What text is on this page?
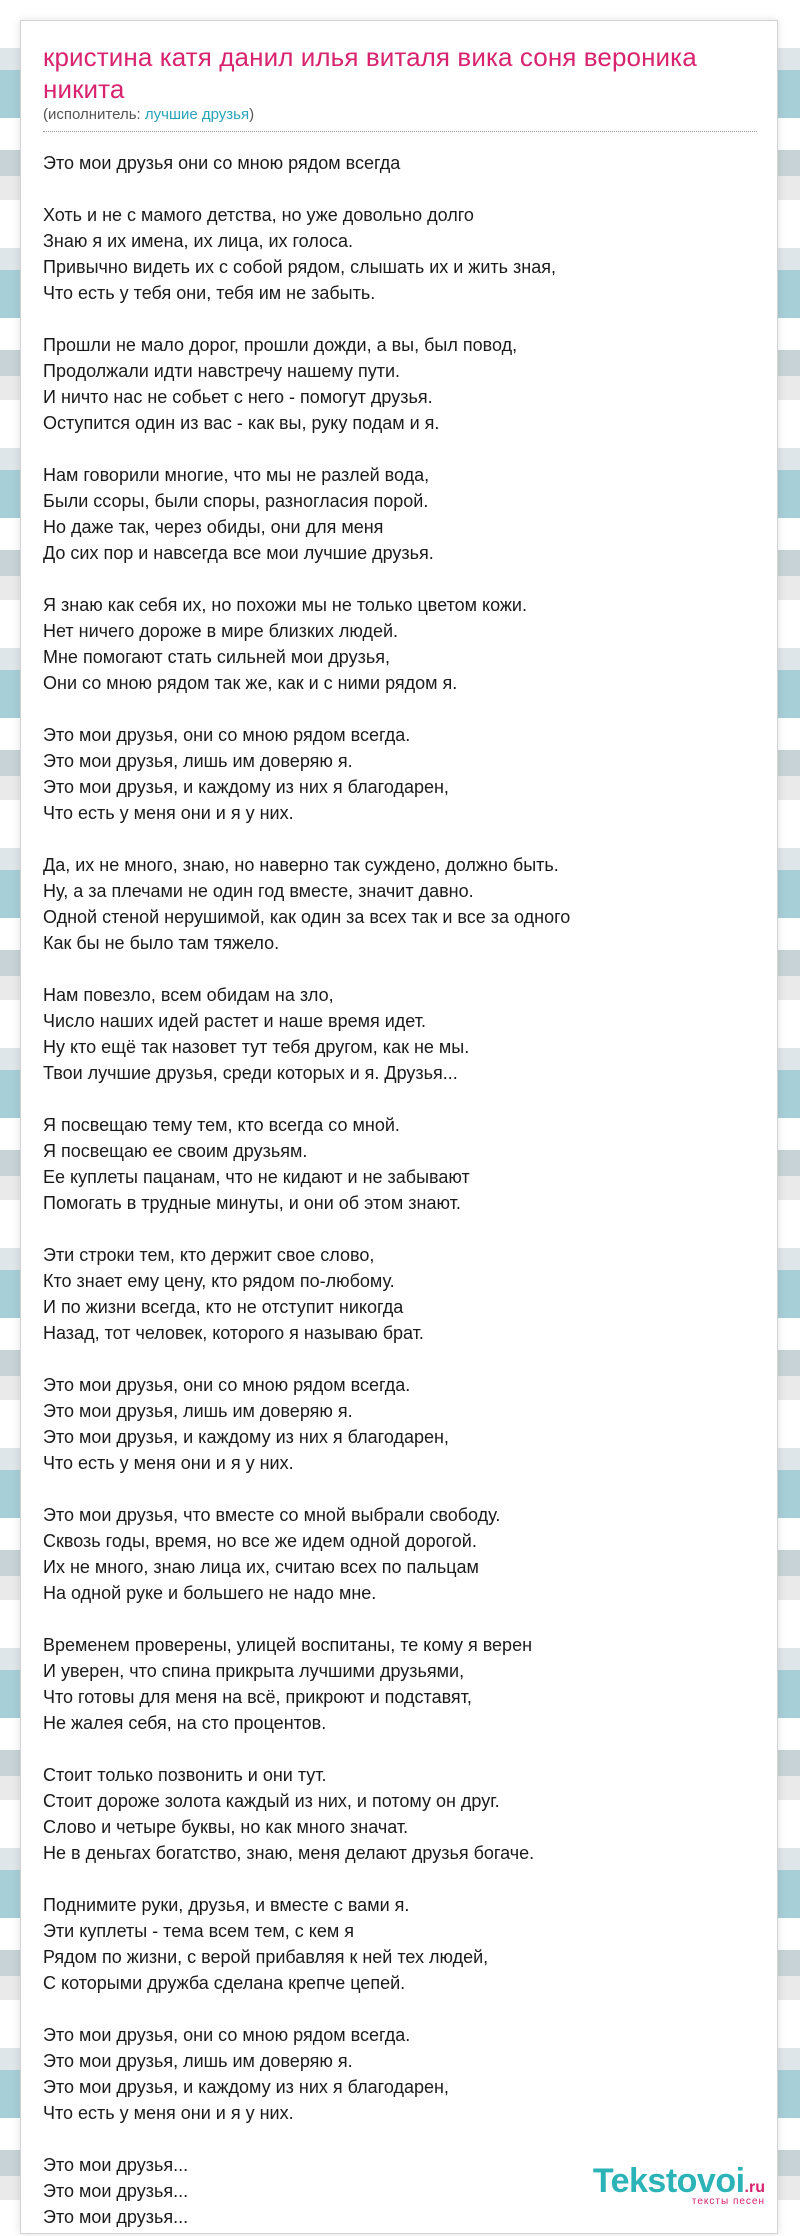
кристина катя данил илья виталя вика соня вероника никита
(исполнитель: лучшие друзья)
Это мои друзья они со мною рядом всегда
Хоть и не с мамого детства, но уже довольно долго
Знаю я их имена, их лица, их голоса.
Привычно видеть их с собой рядом, слышать их и жить зная,
Что есть у тебя они, тебя им не забыть.
Прошли не мало дорог, прошли дожди, а вы, был повод,
Продолжали идти навстречу нашему пути.
И ничто нас не собьет с него - помогут друзья.
Оступится один из вас - как вы, руку подам и я.
Нам говорили многие, что мы не разлей вода,
Были ссоры, были споры, разногласия порой.
Но даже так, через обиды, они для меня
До сих пор и навсегда все мои лучшие друзья.
Я знаю как себя их, но похожи мы не только цветом кожи.
Нет ничего дороже в мире близких людей.
Мне помогают стать сильней мои друзья,
Они со мною рядом так же, как и с ними рядом я.
Это мои друзья, они со мною рядом всегда.
Это мои друзья, лишь им доверяю я.
Это мои друзья, и каждому из них я благодарен,
Что есть у меня они и я у них.
Да, их не много, знаю, но наверно так суждено, должно быть.
Ну, а за плечами не один год вместе, значит давно.
Одной стеной нерушимой, как один за всех так и все за одного
Как бы не было там тяжело.
Нам повезло, всем обидам на зло,
Число наших идей растет и наше время идет.
Ну кто ещё так назовет тут тебя другом, как не мы.
Твои лучшие друзья, среди которых и я. Друзья...
Я посвещаю тему тем, кто всегда со мной.
Я посвещаю ее своим друзьям.
Ее куплеты пацанам, что не кидают и не забывают
Помогать в трудные минуты, и они об этом знают.
Эти строки тем, кто держит свое слово,
Кто знает ему цену, кто рядом по-любому.
И по жизни всегда, кто не отступит никогда
Назад, тот человек, которого я называю брат.
Это мои друзья, они со мною рядом всегда.
Это мои друзья, лишь им доверяю я.
Это мои друзья, и каждому из них я благодарен,
Что есть у меня они и я у них.
Это мои друзья, что вместе со мной выбрали свободу.
Сквозь годы, время, но все же идем одной дорогой.
Их не много, знаю лица их, считаю всех по пальцам
На одной руке и большего не надо мне.
Временем проверены, улицей воспитаны, те кому я верен
И уверен, что спина прикрыта лучшими друзьями,
Что готовы для меня на всё, прикроют и подставят,
Не жалея себя, на сто процентов.
Стоит только позвонить и они тут.
Стоит дороже золота каждый из них, и потому он друг.
Слово и четыре буквы, но как много значат.
Не в деньгах богатство, знаю, меня делают друзья богаче.
Поднимите руки, друзья, и вместе с вами я.
Эти куплеты - тема всем тем, с кем я
Рядом по жизни, с верой прибавляя к ней тех людей,
С которыми дружба сделана крепче цепей.
Это мои друзья, они со мною рядом всегда.
Это мои друзья, лишь им доверяю я.
Это мои друзья, и каждому из них я благодарен,
Что есть у меня они и я у них.
Это мои друзья...
Это мои друзья...
Это мои друзья...
Tekstovoi.ru
тексты песен
